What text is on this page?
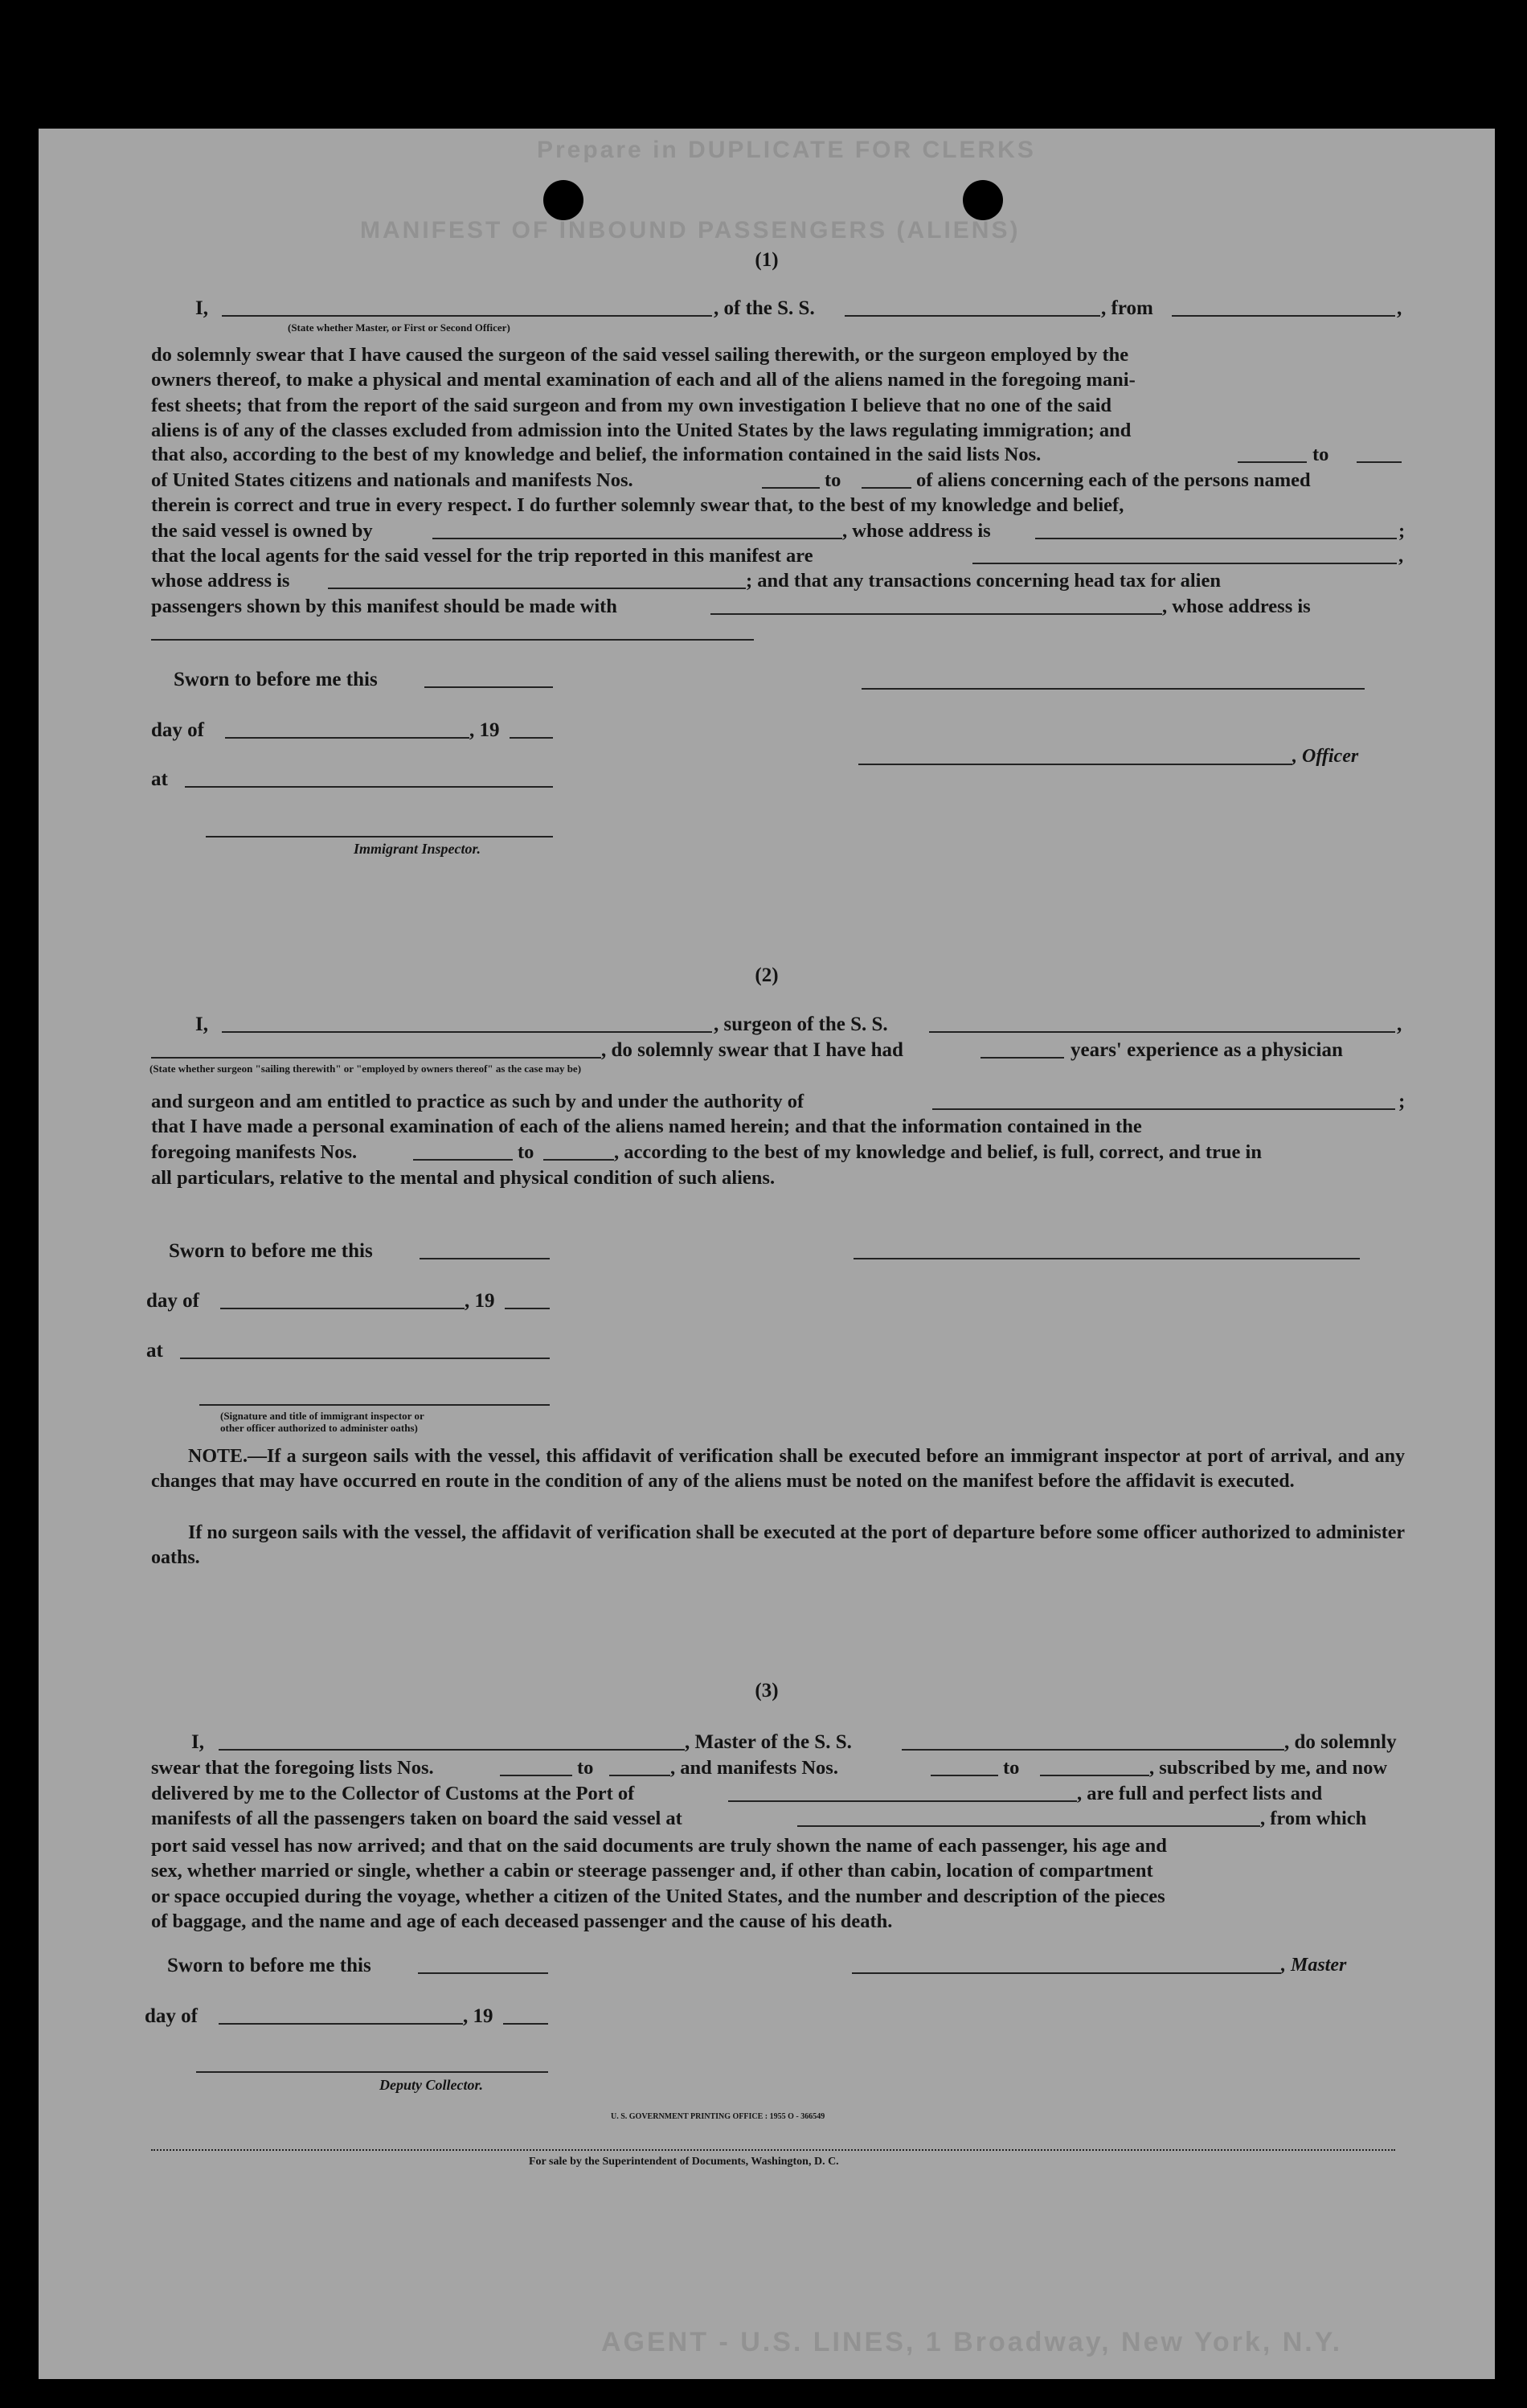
Prepare in DUPLICATE FOR CLERKS
MANIFEST OF INBOUND PASSENGERS (ALIENS)
AGENT - U.S. LINES, 1 Broadway, New York, N.Y.
(1)
I,	, of the S. S.	, from	,
(State whether Master, or First or Second Officer)
do solemnly swear that I have caused the surgeon of the said vessel sailing therewith, or the surgeon employed by the
owners thereof, to make a physical and mental examination of each and all of the aliens named in the foregoing mani-
fest sheets; that from the report of the said surgeon and from my own investigation I believe that no one of the said
aliens is of any of the classes excluded from admission into the United States by the laws regulating immigration; and
that also, according to the best of my knowledge and belief, the information contained in the said lists Nos.	to
of United States citizens and nationals and manifests Nos.	to	of aliens concerning each of the persons named
therein is correct and true in every respect. I do further solemnly swear that, to the best of my knowledge and belief,
the said vessel is owned by	, whose address is	;
that the local agents for the said vessel for the trip reported in this manifest are	,
whose address is	; and that any transactions concerning head tax for alien
passengers shown by this manifest should be made with	, whose address is
Sworn to before me this
day of	, 19
at
Immigrant Inspector.
, Officer
(2)
I,	, surgeon of the S. S.	,
, do solemnly swear that I have had	years' experience as a physician
(State whether surgeon "sailing therewith" or "employed by owners thereof" as the case may be)
and surgeon and am entitled to practice as such by and under the authority of	;
that I have made a personal examination of each of the aliens named herein; and that the information contained in the
foregoing manifests Nos.	to	, according to the best of my knowledge and belief, is full, correct, and true in
all particulars, relative to the mental and physical condition of such aliens.
Sworn to before me this
day of	, 19
at
(Signature and title of immigrant inspector or
other officer authorized to administer oaths)
NOTE.—If a surgeon sails with the vessel, this affidavit of verification shall be executed before an immigrant inspector at port of arrival, and any changes that may have occurred en route in the condition of any of the aliens must be noted on the manifest before the affidavit is executed.
If no surgeon sails with the vessel, the affidavit of verification shall be executed at the port of departure before some officer authorized to administer oaths.
(3)
I,	, Master of the S. S.	, do solemnly
swear that the foregoing lists Nos.	to	, and manifests Nos.	to	, subscribed by me, and now
delivered by me to the Collector of Customs at the Port of	, are full and perfect lists and
manifests of all the passengers taken on board the said vessel at	, from which
port said vessel has now arrived; and that on the said documents are truly shown the name of each passenger, his age and
sex, whether married or single, whether a cabin or steerage passenger and, if other than cabin, location of compartment
or space occupied during the voyage, whether a citizen of the United States, and the number and description of the pieces
of baggage, and the name and age of each deceased passenger and the cause of his death.
Sworn to before me this
day of	, 19
Deputy Collector.
, Master
U. S. GOVERNMENT PRINTING OFFICE : 1955 O - 366549
For sale by the Superintendent of Documents, Washington, D. C.
